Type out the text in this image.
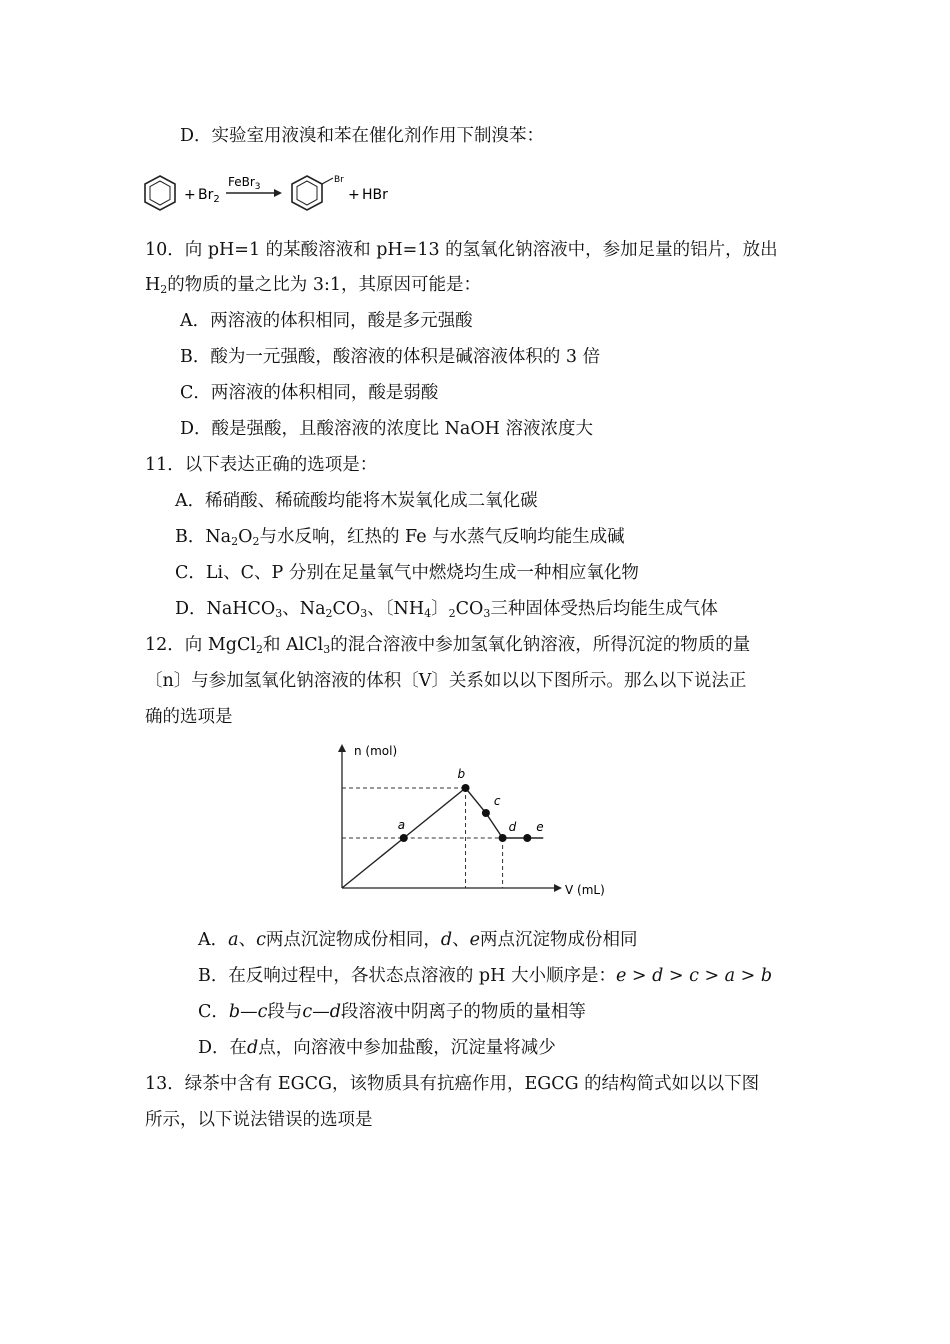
D．实验室用液溴和苯在催化剂作用下制溴苯：
+ $Br_2$
FeBr$_3$
Br
+ HBr
10．向 pH=1 的某酸溶液和 pH=13 的氢氧化钠溶液中，参加足量的铝片，放出
$H_2$的物质的量之比为 3:1，其原因可能是：
A．两溶液的体积相同，酸是多元强酸
B．酸为一元强酸，酸溶液的体积是碱溶液体积的 3 倍
C．两溶液的体积相同，酸是弱酸
D．酸是强酸，且酸溶液的浓度比 NaOH 溶液浓度大
11．以下表达正确的选项是：
A．稀硝酸、稀硫酸均能将木炭氧化成二氧化碳
B．$Na_2O_2$与水反响，红热的 Fe 与水蒸气反响均能生成碱
C．Li、C、P 分别在足量氧气中燃烧均生成一种相应氧化物
D．NaHCO$_3$、$Na_2CO_3$、〔$NH_4$〕$_2CO_3$三种固体受热后均能生成气体
12．向 MgCl$_2$和 AlCl$_3$的混合溶液中参加氢氧化钠溶液，所得沉淀的物质的量
〔n〕与参加氢氧化钠溶液的体积〔V〕关系如以以下图所示。那么以下说法正
确的选项是
a
b
c
d e
n (mol)
V (mL)
A．a、c两点沉淀物成份相同，d、e两点沉淀物成份相同
B．在反响过程中，各状态点溶液的 pH 大小顺序是：e > d > c > a > b
C．b—c段与c—d段溶液中阴离子的物质的量相等
D．在d点，向溶液中参加盐酸，沉淀量将减少
13．绿茶中含有 EGCG，该物质具有抗癌作用，EGCG 的结构简式如以以下图
所示，以下说法错误的选项是
